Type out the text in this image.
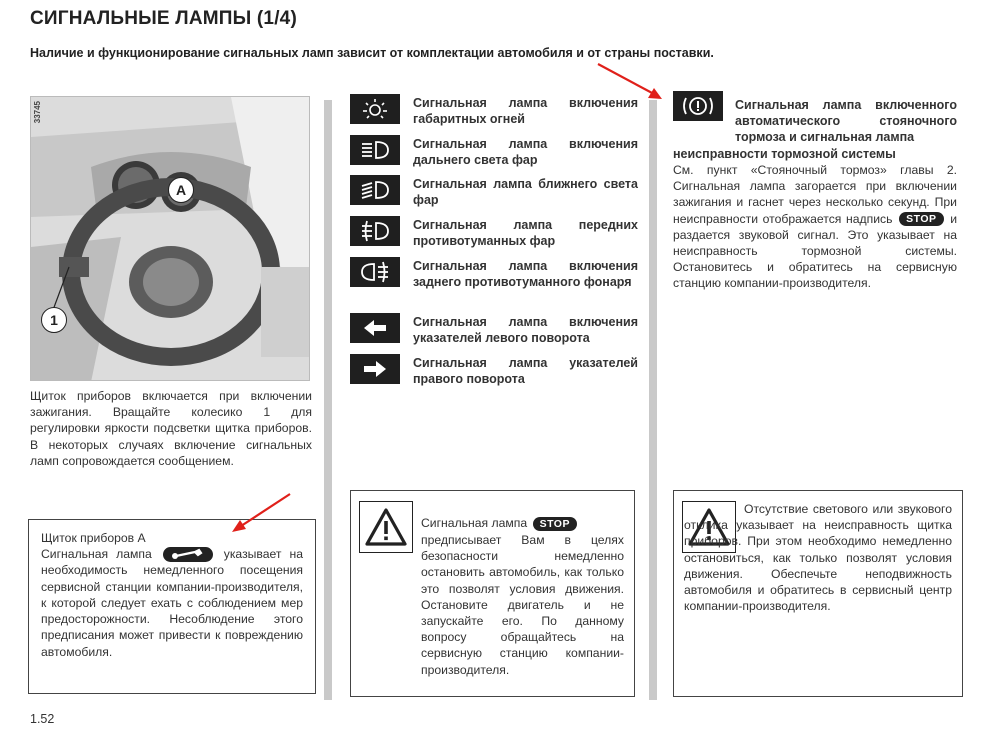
СИГНАЛЬНЫЕ ЛАМПЫ (1/4)
Наличие и функционирование сигнальных ламп зависит от комплектации автомобиля и от страны поставки.
33745
A
1
Щиток приборов включается при включении зажигания. Вращайте колесико 1 для регулировки яркости подсветки щитка приборов. В некоторых случаях включение сигнальных ламп сопровождается сообщением.

Щиток приборов A

Сигнальная лампа	указывает на необходимость немедленного посещения сервисной станции компании-производителя, к которой следует ехать с соблюдением мер предосторожности. Несоблюдение этого предписания может привести к повреждению автомобиля.

Сигнальная лампа включения габаритных огней
Сигнальная лампа включения дальнего света фар
Сигнальная лампа ближнего света фар
Сигнальная лампа передних противотуманных фар
Сигнальная лампа включения заднего противотуманного фонаря
Сигнальная лампа включения указателей левого поворота
Сигнальная лампа указателей правого поворота
Сигнальная лампа STOP
предписывает Вам в целях безопасности немедленно остановить автомобиль, как только это позволят условия движения. Остановите двигатель и не запускайте его. По данному вопросу обращайтесь на сервисную станцию компании-производителя.
Сигнальная лампа включенного автоматического стояночного тормоза и сигнальная лампа
неисправности тормозной системы
См. пункт «Стояночный тормоз» главы 2. Сигнальная лампа загорается при включении зажигания и гаснет через несколько секунд. При неисправности отображается надпись STOP и раздается звуковой сигнал. Это указывает на неисправность тормозной системы. Остановитесь и обратитесь на сервисную станцию компании-производителя.
Отсутствие светового или звукового отклика указывает на неисправность щитка приборов. При этом необходимо немедленно остановиться, как только позволят условия движения. Обеспечьте неподвижность автомобиля и обратитесь в сервисный центр компании-производителя.
1.52
